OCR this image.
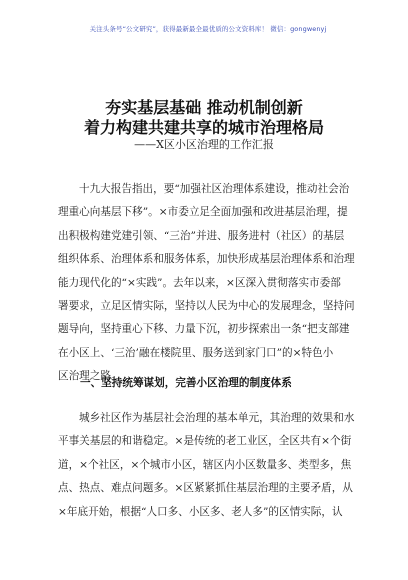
关注头条号“公文研究”，获得最新最全最优质的公文资料库！ 微信：gongwenyj
夯实基层基础 推动机制创新
着力构建共建共享的城市治理格局
——X区小区治理的工作汇报
十九大报告指出，要“加强社区治理体系建设，推动社会治
理重心向基层下移”。×市委立足全面加强和改进基层治理，提
出积极构建党建引领、“三治”并进、服务进村（社区）的基层
组织体系、治理体系和服务体系，加快形成基层治理体系和治理
能力现代化的“×实践”。去年以来，×区深入贯彻落实市委部
署要求，立足区情实际，坚持以人民为中心的发展理念，坚持问
题导向，坚持重心下移、力量下沉，初步探索出一条“把支部建
在小区上、‘三治’融在楼院里、服务送到家门口”的×特色小
区治理之路。
一、坚持统筹谋划，完善小区治理的制度体系
城乡社区作为基层社会治理的基本单元，其治理的效果和水
平事关基层的和谐稳定。×是传统的老工业区，全区共有×个街
道，×个社区，×个城市小区，辖区内小区数量多、类型多，焦
点、热点、难点问题多。×区紧紧抓住基层治理的主要矛盾，从
×年底开始，根据“人口多、小区多、老人多”的区情实际，认
